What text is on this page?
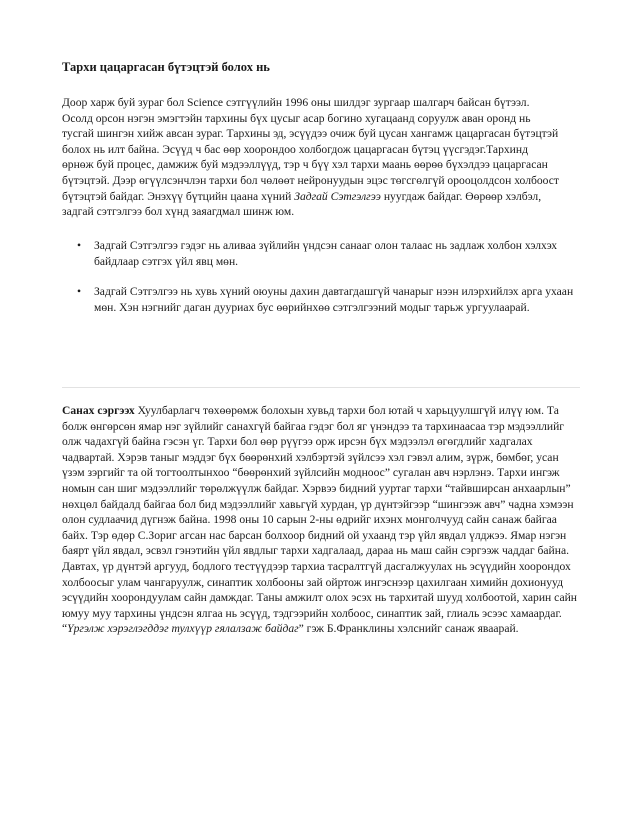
Тархи цацаргасан бүтэцтэй болох нь

Доор харж буй зураг бол Science сэтгүүлийн 1996 оны шилдэг зургаар шалгарч байсан бүтээл. Осолд орсон нэгэн эмэгтэйн тархины бүх цусыг асар богино хугацаанд соруулж аван оронд нь тусгай шингэн хийж авсан зураг. Тархины эд, эсүүдээ очиж буй цусан хангамж цацаргасан бүтэцтэй болох нь илт байна. Эсүүд ч бас өөр хоорондоо холбогдож цацаргасан бүтэц үүсгэдэг.Тархинд өрнөж буй процес, дамжиж буй мэдээллүүд, тэр ч бүү хэл тархи маань өөрөө бүхэлдээ цацаргасан бүтэцтэй. Дээр өгүүлсэнчлэн тархи бол чөлөөт нейронуудын эцэс төгсгөлгүй орооцолдсон холбоост бүтэцтэй байдаг. Энэхүү бүтцийн цаана хүний Задгай Сэтгэлгээ нуугдаж байдаг. Өөрөөр хэлбэл, задгай сэтгэлгээ бол хүнд заяагдмал шинж юм.

• Задгай Сэтгэлгээ гэдэг нь аливаа зүйлийн үндсэн санааг олон талаас нь задлаж холбон хэлхэх байдлаар сэтгэх үйл явц мөн.
• Задгай Сэтгэлгээ нь хувь хүний оюуны дахин давтагдашгүй чанарыг нээн илэрхийлэх арга ухаан мөн. Хэн нэгнийг даган дууриах бус өөрийнхөө сэтгэлгээний модыг тарьж ургуулаарай.

Санах сэргээх Хуулбарлагч төхөөрөмж болохын хувьд тархи бол ютай ч харьцуулшгүй илүү юм. Та болж өнгөрсөн ямар нэг зүйлийг санахгүй байгаа гэдэг бол яг үнэндээ та тархинаасаа тэр мэдээллийг олж чадахгүй байна гэсэн үг. Тархи бол өөр рүүгээ орж ирсэн бүх мэдээлэл өгөгдлийг хадгалах чадвартай. Хэрэв таныг мэддэг бүх бөөрөнхий хэлбэртэй зүйлсээ хэл гэвэл алим, зүрж, бөмбөг, усан үзэм зэргийг та ой тогтоолтынхоо “бөөрөнхий зүйлсийн модноос” сугалан авч нэрлэнэ. Тархи ингэж номын сан шиг мэдээллийг төрөлжүүлж байдаг. Хэрвээ бидний ууртаг тархи “тайвширсан анхаарлын” нөхцөл байдалд байгаа бол бид мэдээллийг хавьгүй хурдан, үр дүнтэйгээр “шингээж авч” чадна хэмээн олон судлаачид дүгнэж байна. 1998 оны 10 сарын 2-ны өдрийг ихэнх монголчууд сайн санаж байгаа байх. Тэр өдөр С.Зориг агсан нас барсан болхоор бидний ой ухаанд тэр үйл явдал үлджээ. Ямар нэгэн баярт үйл явдал, эсвэл гэнэтийн үйл явдлыг тархи хадгалаад, дараа нь маш сайн сэргээж чаддаг байна.

Давтах, үр дүнтэй аргууд, бодлого тестүүдээр тархиа тасралтгүй дасгалжуулах нь эсүүдийн хоорондох холбоосыг улам чангаруулж, синаптик холбооны зай ойртож ингэснээр цахилгаан химийн дохионууд эсүүдийн хоорондуулам сайн дамждаг. Таны амжилт олох эсэх нь тархитай шууд холбоотой, харин сайн юмуу муу тархины үндсэн ялгаа нь эсүүд, тэдгээрийн холбоос, синаптик зай, глиаль эсээс хамаардаг. “Үргэлж хэрэглэгддэг тулхүүр гялалзаж байдаг” гэж Б.Франклины хэлснийг санаж яваарай.
